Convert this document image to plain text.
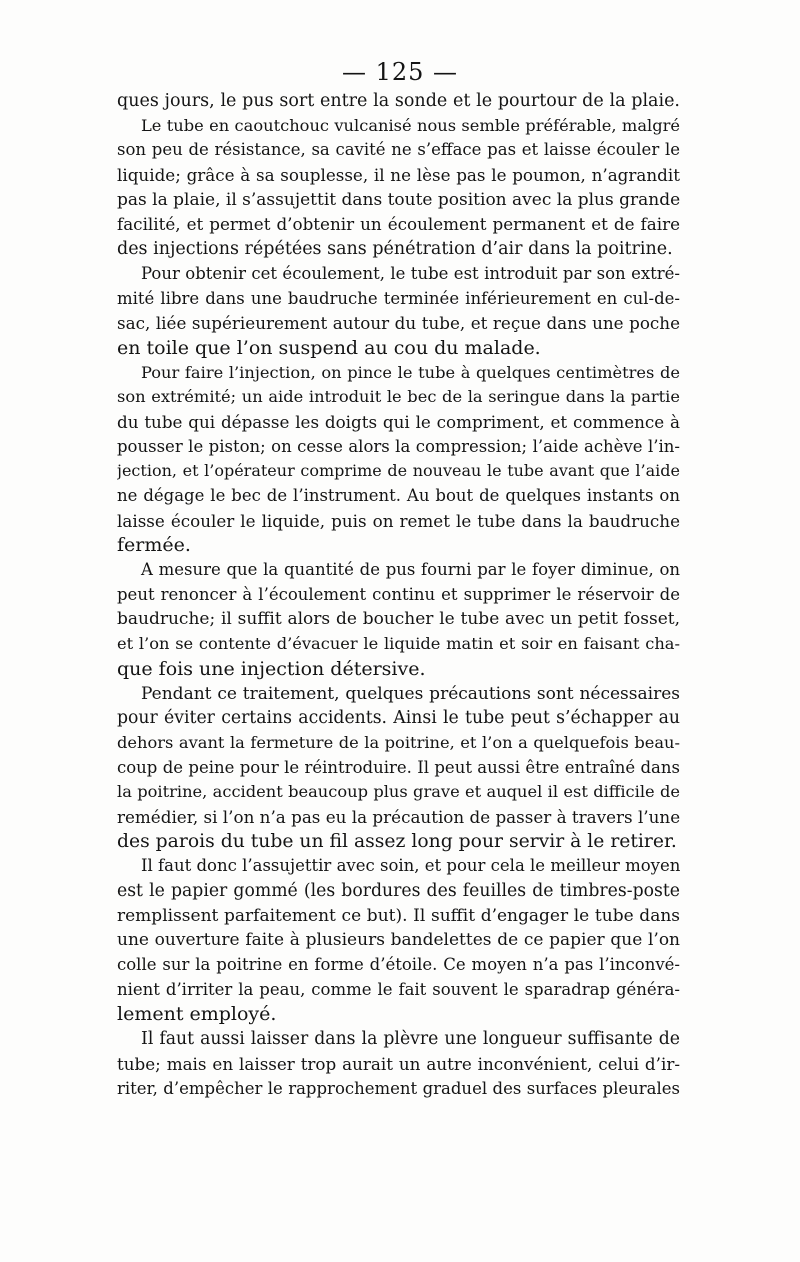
— 125 —
ques jours, le pus sort entre la sonde et le pourtour de la plaie.
Le tube en caoutchouc vulcanisé nous semble préférable, malgré
son peu de résistance, sa cavité ne s’efface pas et laisse écouler le
liquide; grâce à sa souplesse, il ne lèse pas le poumon, n’agrandit
pas la plaie, il s’assujettit dans toute position avec la plus grande
facilité, et permet d’obtenir un écoulement permanent et de faire
des injections répétées sans pénétration d’air dans la poitrine.
Pour obtenir cet écoulement, le tube est introduit par son extré-
mité libre dans une baudruche terminée inférieurement en cul-de-
sac, liée supérieurement autour du tube, et reçue dans une poche
en toile que l’on suspend au cou du malade.
Pour faire l’injection, on pince le tube à quelques centimètres de
son extrémité; un aide introduit le bec de la seringue dans la partie
du tube qui dépasse les doigts qui le compriment, et commence à
pousser le piston; on cesse alors la compression; l’aide achève l’in-
jection, et l’opérateur comprime de nouveau le tube avant que l’aide
ne dégage le bec de l’instrument. Au bout de quelques instants on
laisse écouler le liquide, puis on remet le tube dans la baudruche
fermée.
A mesure que la quantité de pus fourni par le foyer diminue, on
peut renoncer à l’écoulement continu et supprimer le réservoir de
baudruche; il suffit alors de boucher le tube avec un petit fosset,
et l’on se contente d’évacuer le liquide matin et soir en faisant cha-
que fois une injection détersive.
Pendant ce traitement, quelques précautions sont nécessaires
pour éviter certains accidents. Ainsi le tube peut s’échapper au
dehors avant la fermeture de la poitrine, et l’on a quelquefois beau-
coup de peine pour le réintroduire. Il peut aussi être entraîné dans
la poitrine, accident beaucoup plus grave et auquel il est difficile de
remédier, si l’on n’a pas eu la précaution de passer à travers l’une
des parois du tube un fil assez long pour servir à le retirer.
Il faut donc l’assujettir avec soin, et pour cela le meilleur moyen
est le papier gommé (les bordures des feuilles de timbres-poste
remplissent parfaitement ce but). Il suffit d’engager le tube dans
une ouverture faite à plusieurs bandelettes de ce papier que l’on
colle sur la poitrine en forme d’étoile. Ce moyen n’a pas l’inconvé-
nient d’irriter la peau, comme le fait souvent le sparadrap généra-
lement employé.
Il faut aussi laisser dans la plèvre une longueur suffisante de
tube; mais en laisser trop aurait un autre inconvénient, celui d’ir-
riter, d’empêcher le rapprochement graduel des surfaces pleurales
